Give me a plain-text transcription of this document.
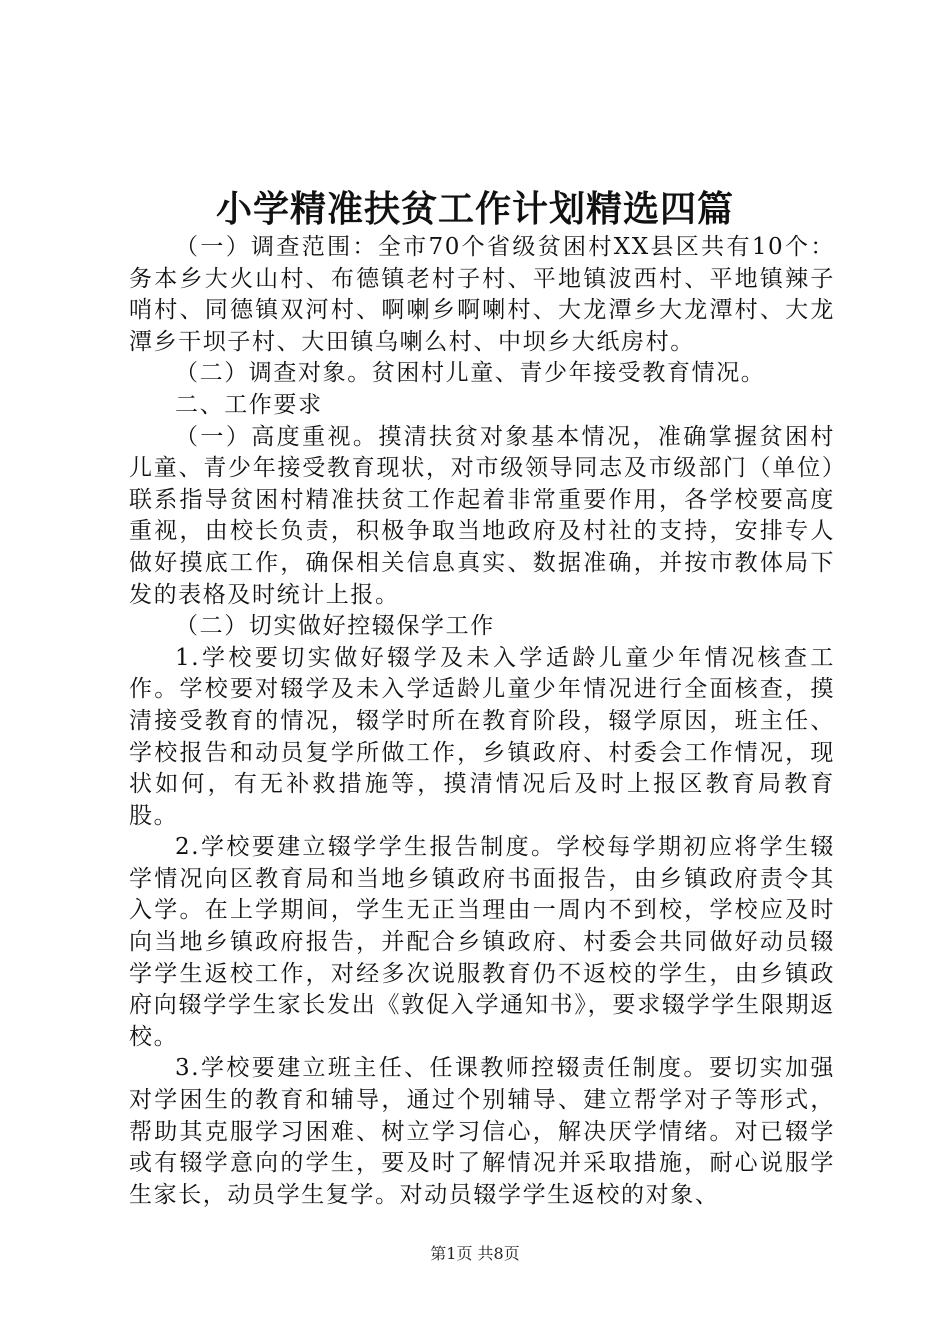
小学精准扶贫工作计划精选四篇

（一）调查范围：全市70个省级贫困村XX县区共有10个：务本乡大火山村、布德镇老村子村、平地镇波西村、平地镇辣子哨村、同德镇双河村、啊喇乡啊喇村、大龙潭乡大龙潭村、大龙潭乡干坝子村、大田镇乌喇么村、中坝乡大纸房村。

（二）调查对象。贫困村儿童、青少年接受教育情况。

二、工作要求

（一）高度重视。摸清扶贫对象基本情况，准确掌握贫困村儿童、青少年接受教育现状，对市级领导同志及市级部门（单位）联系指导贫困村精准扶贫工作起着非常重要作用，各学校要高度重视，由校长负责，积极争取当地政府及村社的支持，安排专人做好摸底工作，确保相关信息真实、数据准确，并按市教体局下发的表格及时统计上报。

（二）切实做好控辍保学工作

1.学校要切实做好辍学及未入学适龄儿童少年情况核查工作。学校要对辍学及未入学适龄儿童少年情况进行全面核查，摸清接受教育的情况，辍学时所在教育阶段，辍学原因，班主任、学校报告和动员复学所做工作，乡镇政府、村委会工作情况，现状如何，有无补救措施等，摸清情况后及时上报区教育局教育股。

2.学校要建立辍学学生报告制度。学校每学期初应将学生辍学情况向区教育局和当地乡镇政府书面报告，由乡镇政府责令其入学。在上学期间，学生无正当理由一周内不到校，学校应及时向当地乡镇政府报告，并配合乡镇政府、村委会共同做好动员辍学学生返校工作，对经多次说服教育仍不返校的学生，由乡镇政府向辍学学生家长发出《敦促入学通知书》，要求辍学学生限期返校。

3.学校要建立班主任、任课教师控辍责任制度。要切实加强对学困生的教育和辅导，通过个别辅导、建立帮学对子等形式，帮助其克服学习困难、树立学习信心，解决厌学情绪。对已辍学或有辍学意向的学生，要及时了解情况并采取措施，耐心说服学生家长，动员学生复学。对动员辍学学生返校的对象、

第1页 共8页
